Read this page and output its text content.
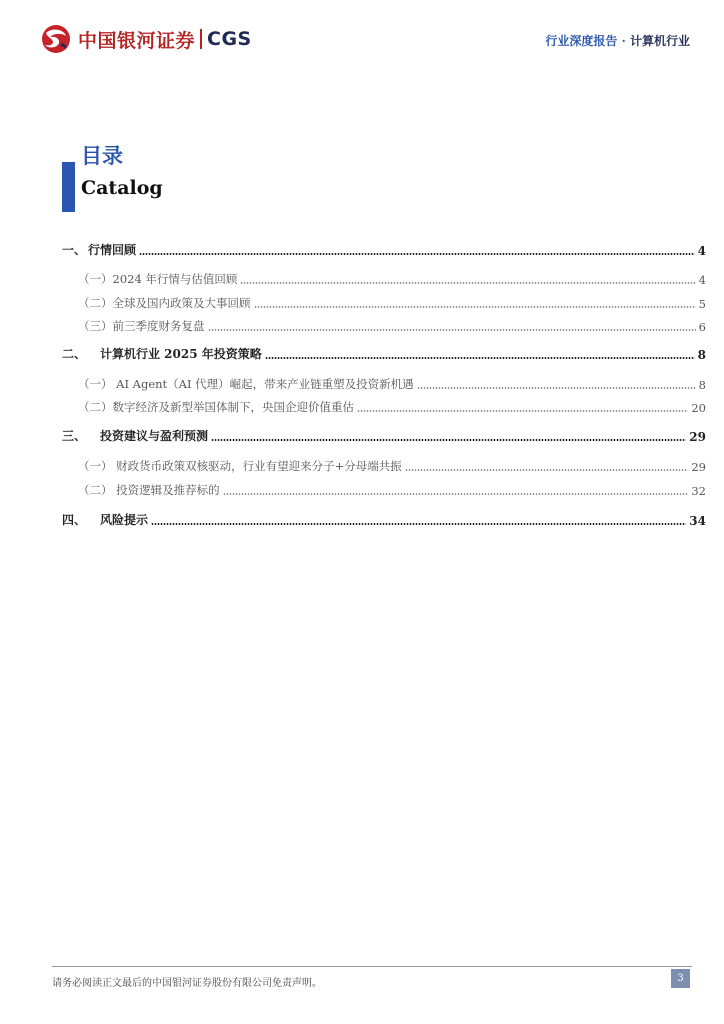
中国银河证券 CGS	行业深度报告 · 计算机行业
目录
Catalog
一、 行情回顾	4
（一）2024 年行情与估值回顾	4
（二）全球及国内政策及大事回顾	5
（三）前三季度财务复盘	6
二、	计算机行业 2025 年投资策略	8
（一） AI Agent（AI 代理）崛起，带来产业链重塑及投资新机遇	8
（二）数字经济及新型举国体制下，央国企迎价值重估	20
三、	投资建议与盈利预测	29
（一） 财政货币政策双核驱动，行业有望迎来分子+分母端共振	29
（二） 投资逻辑及推荐标的	32
四、	风险提示	34
请务必阅读正文最后的中国银河证券股份有限公司免责声明。	3
